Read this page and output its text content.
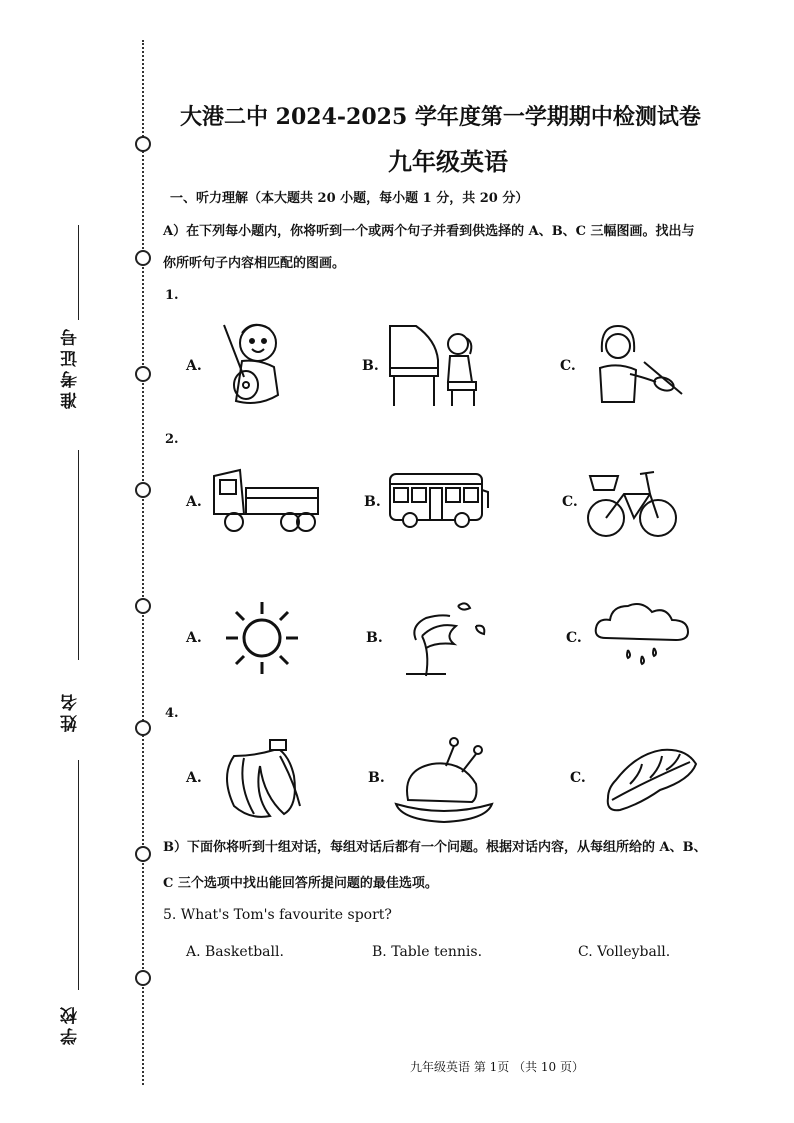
准考证号
姓名
学校
大港二中 2024-2025 学年度第一学期期中检测试卷
九年级英语
一、听力理解（本大题共 20 小题，每小题 1 分，共 20 分）
A）在下列每小题内，你将听到一个或两个句子并看到供选择的 A、B、C 三幅图画。找出与
你所听句子内容相匹配的图画。
1.
A.	B.	C.
2.
A.	B.	C.
A.	B.	C.
4.
A.	B.	C.
B）下面你将听到十组对话，每组对话后都有一个问题。根据对话内容，从每组所给的 A、B、
C 三个选项中找出能回答所提问题的最佳选项。
5. What's Tom's favourite sport?
A. Basketball.	B. Table tennis.	C. Volleyball.
九年级英语 第 1页 （共 10 页）
